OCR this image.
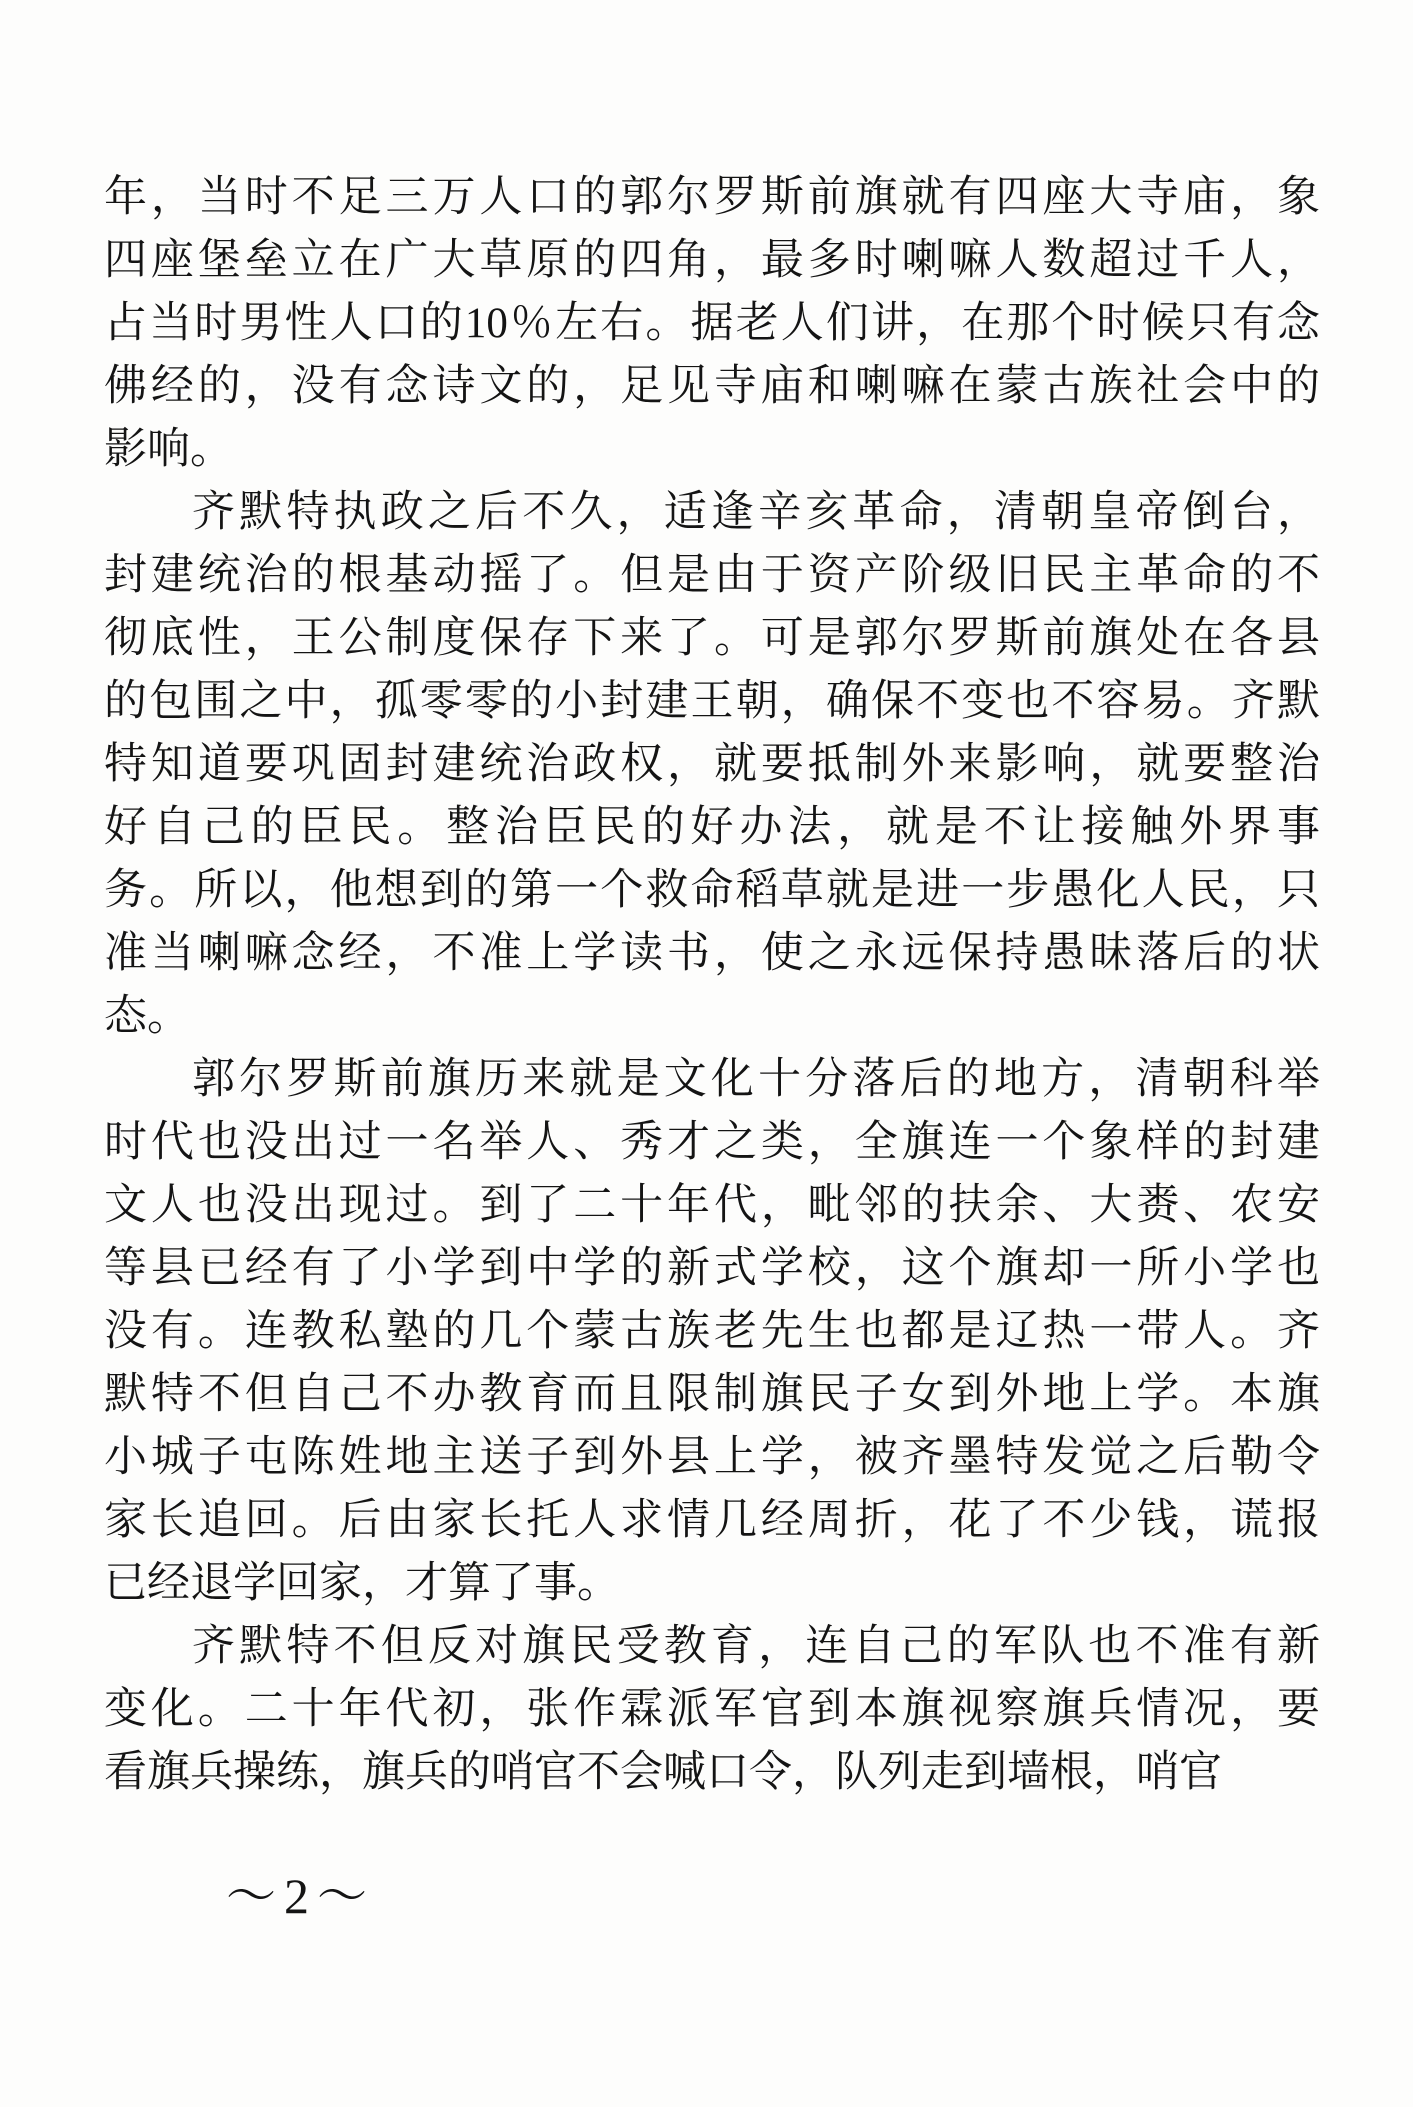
年，当时不足三万人口的郭尔罗斯前旗就有四座大寺庙，象
四座堡垒立在广大草原的四角，最多时喇嘛人数超过千人，
占当时男性人口的10％左右。据老人们讲，在那个时候只有念
佛经的，没有念诗文的，足见寺庙和喇嘛在蒙古族社会中的
影响。
齐默特执政之后不久，适逢辛亥革命，清朝皇帝倒台，
封建统治的根基动摇了。但是由于资产阶级旧民主革命的不
彻底性，王公制度保存下来了。可是郭尔罗斯前旗处在各县
的包围之中，孤零零的小封建王朝，确保不变也不容易。齐默
特知道要巩固封建统治政权，就要抵制外来影响，就要整治
好自己的臣民。整治臣民的好办法，就是不让接触外界事
务。所以，他想到的第一个救命稻草就是进一步愚化人民，只
准当喇嘛念经，不准上学读书，使之永远保持愚昧落后的状
态。
郭尔罗斯前旗历来就是文化十分落后的地方，清朝科举
时代也没出过一名举人、秀才之类，全旗连一个象样的封建
文人也没出现过。到了二十年代，毗邻的扶余、大赉、农安
等县已经有了小学到中学的新式学校，这个旗却一所小学也
没有。连教私塾的几个蒙古族老先生也都是辽热一带人。齐
默特不但自己不办教育而且限制旗民子女到外地上学。本旗
小城子屯陈姓地主送子到外县上学，被齐墨特发觉之后勒令
家长追回。后由家长托人求情几经周折，花了不少钱，谎报
已经退学回家，才算了事。
齐默特不但反对旗民受教育，连自己的军队也不准有新
变化。二十年代初，张作霖派军官到本旗视察旗兵情况，要
看旗兵操练，旗兵的哨官不会喊口令，队列走到墙根，哨官
～2～
